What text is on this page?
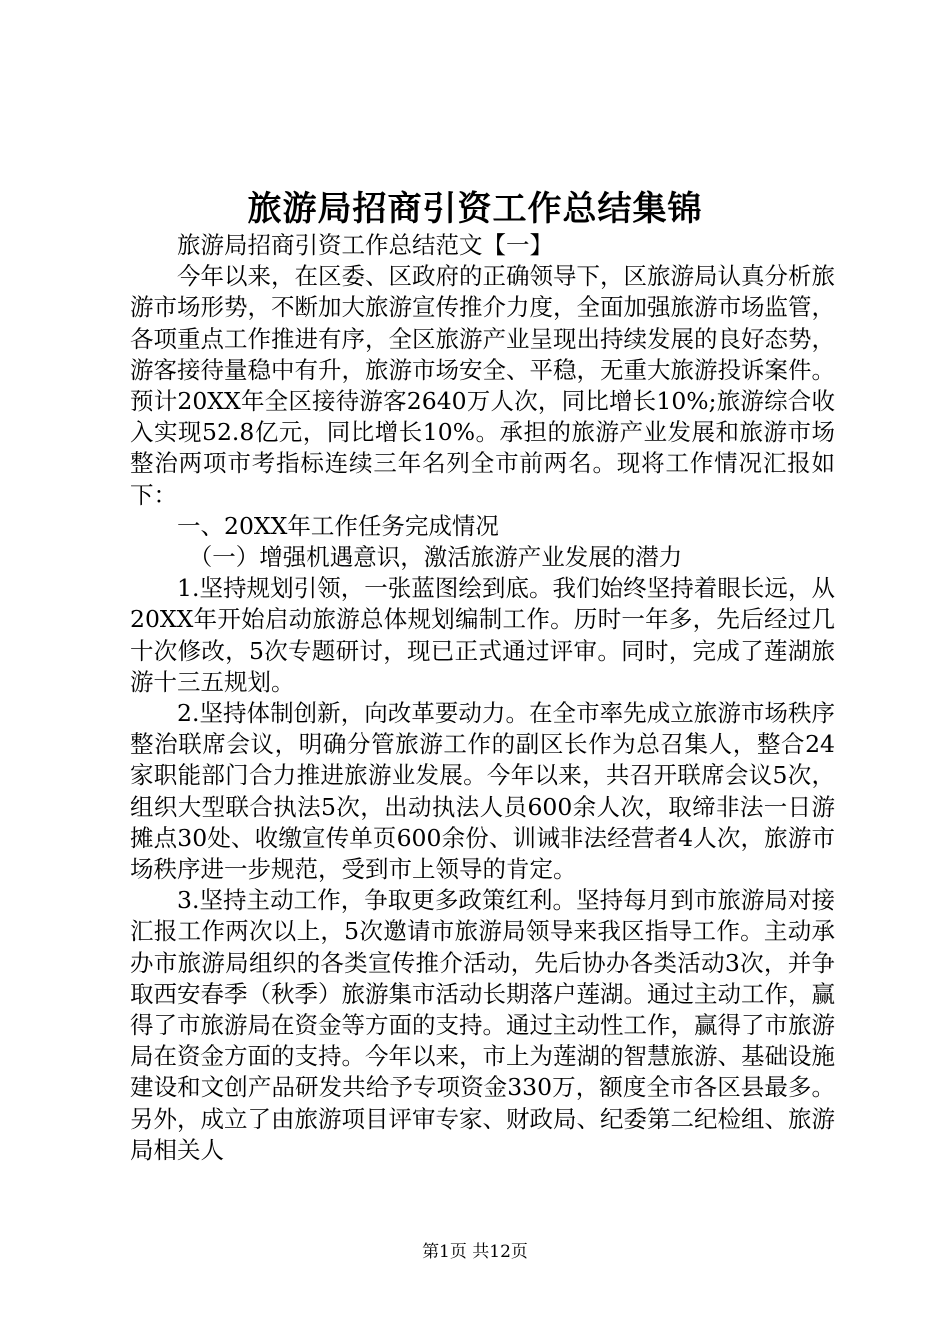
旅游局招商引资工作总结集锦

旅游局招商引资工作总结范文【一】

今年以来，在区委、区政府的正确领导下，区旅游局认真分析旅游市场形势，不断加大旅游宣传推介力度，全面加强旅游市场监管，各项重点工作推进有序，全区旅游产业呈现出持续发展的良好态势，游客接待量稳中有升，旅游市场安全、平稳，无重大旅游投诉案件。预计20XX年全区接待游客2640万人次，同比增长10%;旅游综合收入实现52.8亿元，同比增长10%。承担的旅游产业发展和旅游市场整治两项市考指标连续三年名列全市前两名。现将工作情况汇报如下：

一、20XX年工作任务完成情况

（一）增强机遇意识，激活旅游产业发展的潜力

1.坚持规划引领，一张蓝图绘到底。我们始终坚持着眼长远，从20XX年开始启动旅游总体规划编制工作。历时一年多，先后经过几十次修改，5次专题研讨，现已正式通过评审。同时，完成了莲湖旅游十三五规划。

2.坚持体制创新，向改革要动力。在全市率先成立旅游市场秩序整治联席会议，明确分管旅游工作的副区长作为总召集人，整合24家职能部门合力推进旅游业发展。今年以来，共召开联席会议5次，组织大型联合执法5次，出动执法人员600余人次，取缔非法一日游摊点30处、收缴宣传单页600余份、训诫非法经营者4人次，旅游市场秩序进一步规范，受到市上领导的肯定。

3.坚持主动工作，争取更多政策红利。坚持每月到市旅游局对接汇报工作两次以上，5次邀请市旅游局领导来我区指导工作。主动承办市旅游局组织的各类宣传推介活动，先后协办各类活动3次，并争取西安春季（秋季）旅游集市活动长期落户莲湖。通过主动工作，赢得了市旅游局在资金等方面的支持。通过主动性工作，赢得了市旅游局在资金方面的支持。今年以来，市上为莲湖的智慧旅游、基础设施建设和文创产品研发共给予专项资金330万，额度全市各区县最多。另外，成立了由旅游项目评审专家、财政局、纪委第二纪检组、旅游局相关人

第1页 共12页
